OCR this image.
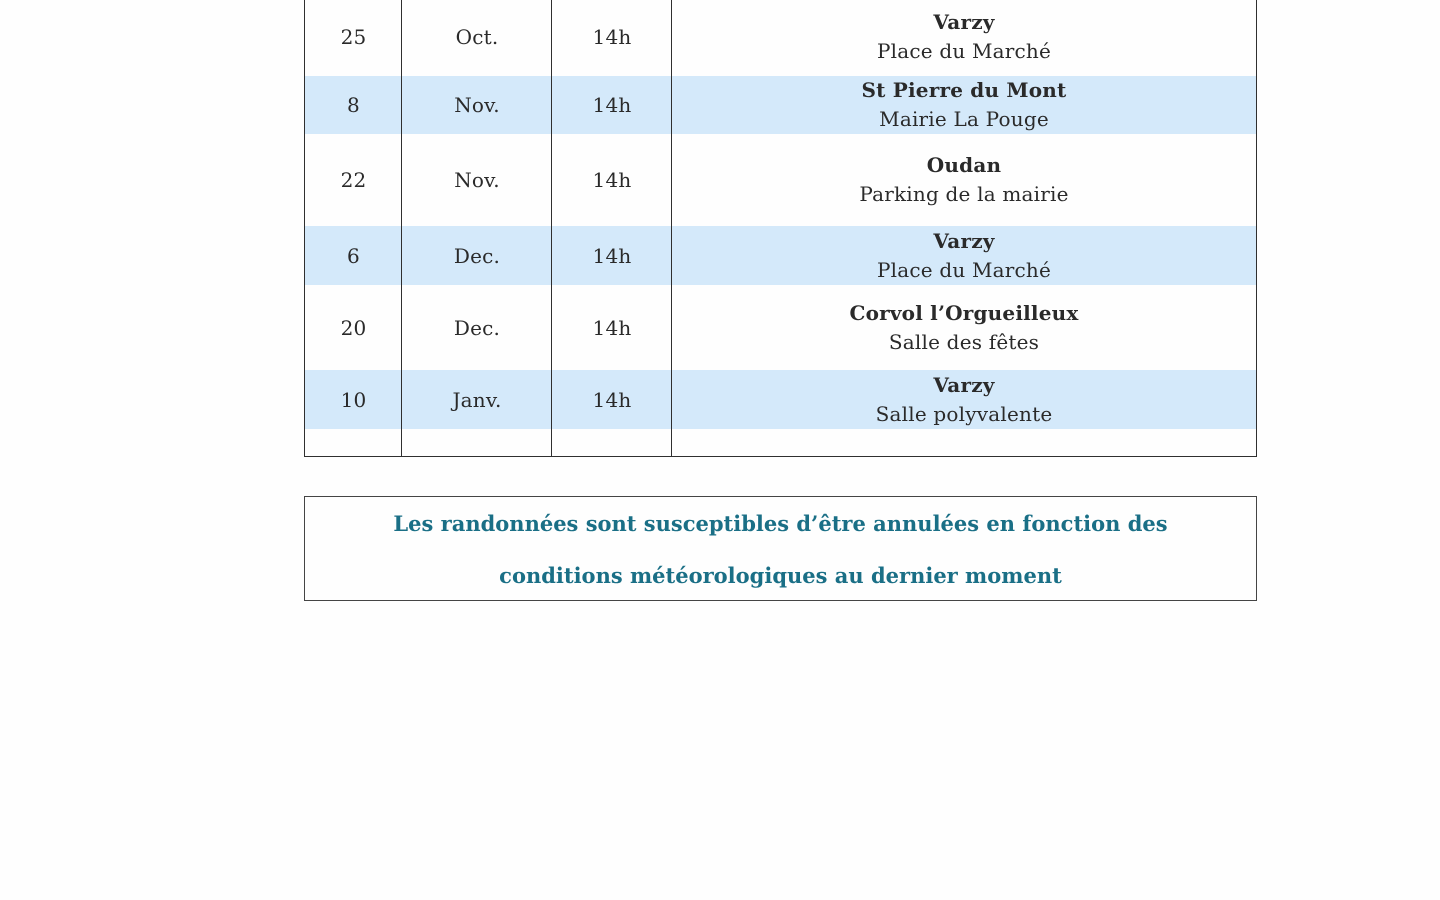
25	Oct.	14h
Varzy
Place du Marché
8	Nov.	14h
St Pierre du Mont
Mairie La Pouge
22	Nov.	14h
Oudan
Parking de la mairie
6	Dec.	14h
Varzy
Place du Marché
20	Dec.	14h
Corvol l’Orgueilleux
Salle des fêtes
10	Janv.	14h
Varzy
Salle polyvalente
Les randonnées sont susceptibles d’être annulées en fonction des
conditions météorologiques au dernier moment
